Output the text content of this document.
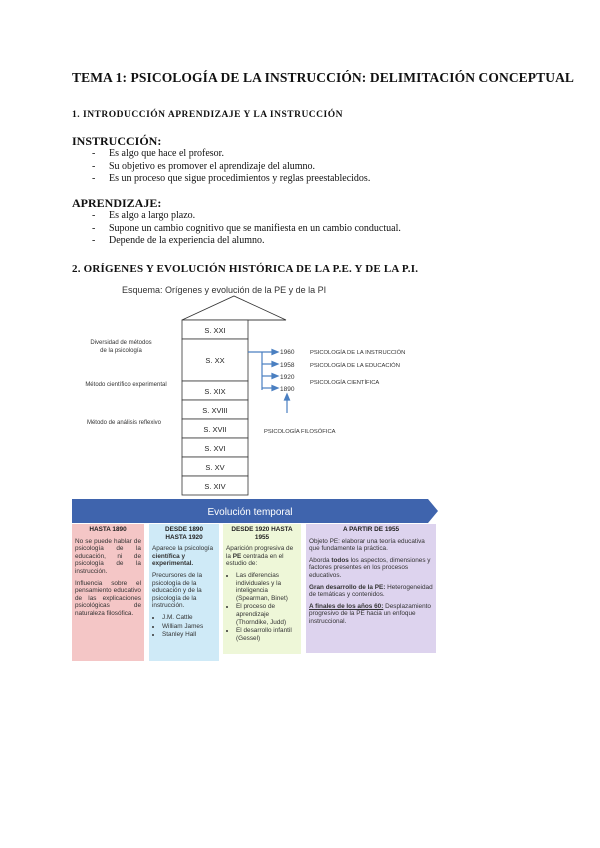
TEMA 1: PSICOLOGÍA DE LA INSTRUCCIÓN: DELIMITACIÓN CONCEPTUAL
1. INTRODUCCIÓN APRENDIZAJE Y LA INSTRUCCIÓN
INSTRUCCIÓN:
- Es algo que hace el profesor.
- Su objetivo es promover el aprendizaje del alumno.
- Es un proceso que sigue procedimientos y reglas preestablecidos.
APRENDIZAJE:
- Es algo a largo plazo.
- Supone un cambio cognitivo que se manifiesta en un cambio conductual.
- Depende de la experiencia del alumno.
2. ORÍGENES Y EVOLUCIÓN HISTÓRICA DE LA P.E. Y DE LA P.I.
Esquema: Orígenes y evolución de la PE y de la PI
S. XXI
S. XX
S. XIX
S. XVIII
S. XVII
S. XVI
S. XV
S. XIV
Diversidad de métodos
de la psicología
Método científico experimental
Método de análisis reflexivo
1960
1958
1920
1890
PSICOLOGÍA DE LA INSTRUCCIÓN
PSICOLOGÍA DE LA EDUCACIÓN
PSICOLOGÍA CIENTÍFICA
PSICOLOGÍA FILOSÓFICA
Evolución temporal
HASTA 1890

No se puede hablar de psicología de la educación, ni de psicología de la instrucción.

Influencia sobre el pensamiento educativo de las explicaciones psicológicas de naturaleza filosófica.

DESDE 1890
HASTA 1920

Aparece la psicología científica y experimental.

Precursores de la psicología de la educación y de la psicología de la instrucción.

• J.M. Cattle
• William James
• Stanley Hall
DESDE 1920 HASTA
1955

Aparición progresiva de la PE centrada en el estudio de:

• Las diferencias individuales y la inteligencia (Spearman, Binet)
• El proceso de aprendizaje (Thorndike, Judd)
• El desarrollo infantil (Gessel)
A PARTIR DE 1955

Objeto PE: elaborar una teoría educativa que fundamente la práctica.

Aborda todos los aspectos, dimensiones y factores presentes en los procesos educativos.

Gran desarrollo de la PE: Heterogeneidad de temáticas y contenidos.

A finales de los años 60: Desplazamiento progresivo de la PE hacia un enfoque instruccional.
